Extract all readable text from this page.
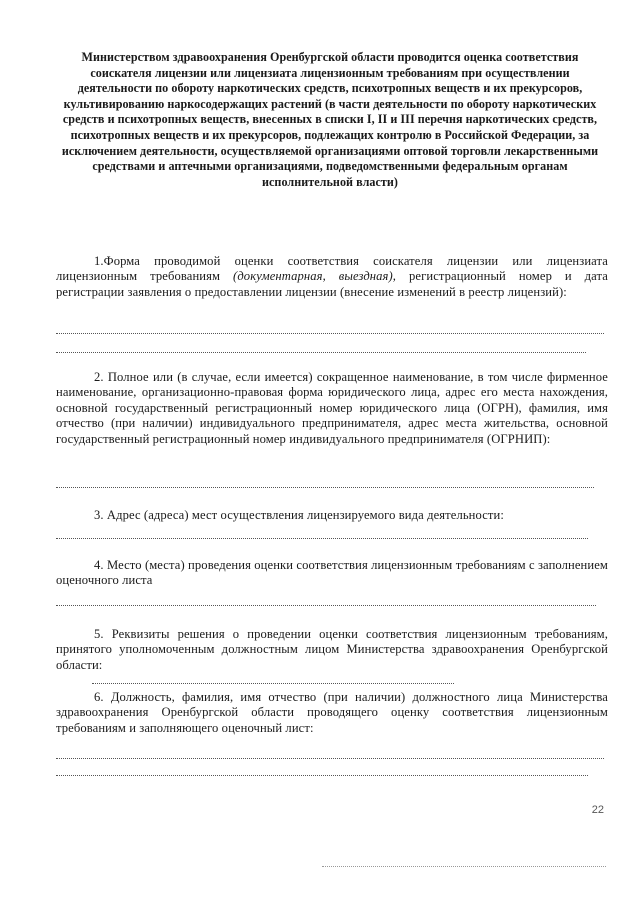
Министерством здравоохранения Оренбургской области проводится оценка соответствия соискателя лицензии или лицензиата лицензионным требованиям при осуществлении деятельности по обороту наркотических средств, психотропных веществ и их прекурсоров, культивированию наркосодержащих растений (в части деятельности по обороту наркотических средств и психотропных веществ, внесенных в списки I, II и III перечня наркотических средств, психотропных веществ и их прекурсоров, подлежащих контролю в Российской Федерации, за исключением деятельности, осуществляемой организациями оптовой торговли лекарственными средствами и аптечными организациями, подведомственными федеральным органам исполнительной власти)
1.Форма проводимой оценки соответствия соискателя лицензии или лицензиата лицензионным требованиям (документарная, выездная), регистрационный номер и дата регистрации заявления о предоставлении лицензии (внесение изменений в реестр лицензий):
2. Полное или (в случае, если имеется) сокращенное наименование, в том числе фирменное наименование, организационно-правовая форма юридического лица, адрес его места нахождения, основной государственный регистрационный номер юридического лица (ОГРН), фамилия, имя отчество (при наличии) индивидуального предпринимателя, адрес места жительства, основной государственный регистрационный номер индивидуального предпринимателя (ОГРНИП):
3. Адрес (адреса) мест осуществления лицензируемого вида деятельности:
4. Место (места) проведения оценки соответствия лицензионным требованиям с заполнением оценочного листа
5. Реквизиты решения о проведении оценки соответствия лицензионным требованиям, принятого уполномоченным должностным лицом Министерства здравоохранения Оренбургской области:
6. Должность, фамилия, имя отчество (при наличии) должностного лица Министерства здравоохранения Оренбургской области проводящего оценку соответствия лицензионным требованиям и заполняющего оценочный лист:
22
